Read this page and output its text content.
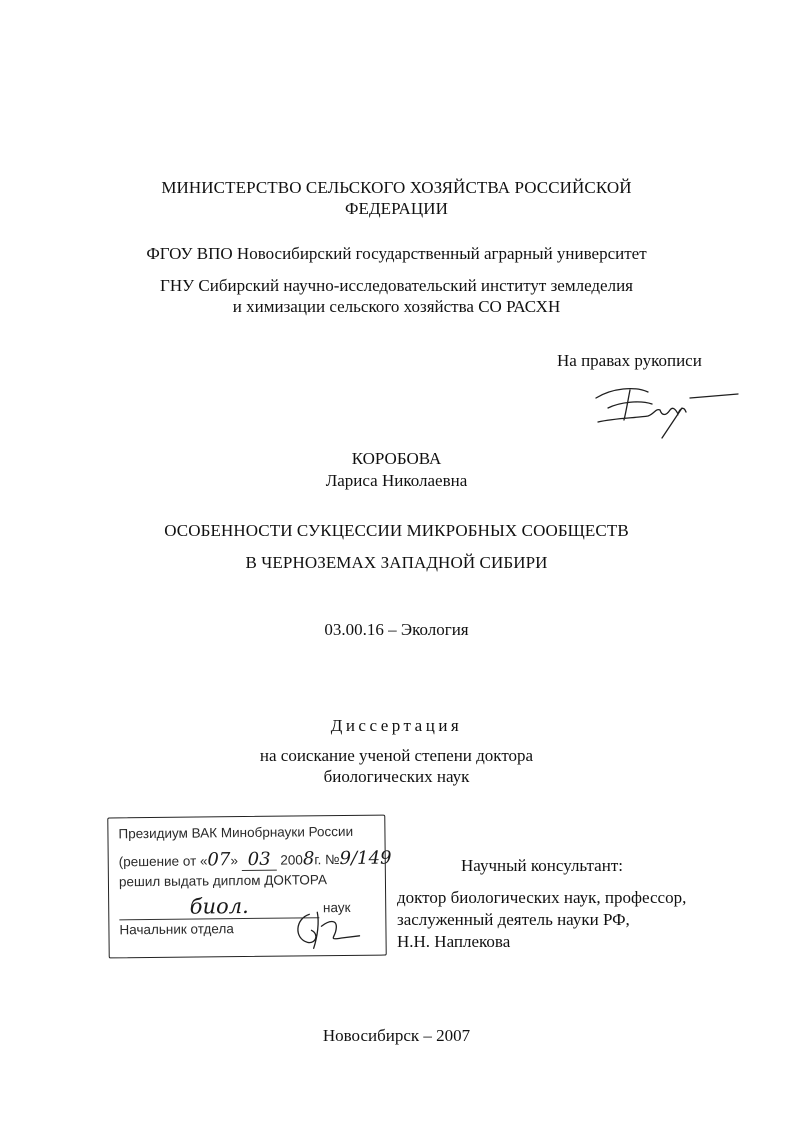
МИНИСТЕРСТВО СЕЛЬСКОГО ХОЗЯЙСТВА РОССИЙСКОЙ
ФЕДЕРАЦИИ
ФГОУ ВПО Новосибирский государственный аграрный университет
ГНУ Сибирский научно-исследовательский институт земледелия
и химизации сельского хозяйства СО РАСХН
На правах рукописи
КОРОБОВА
Лариса Николаевна
ОСОБЕННОСТИ СУКЦЕССИИ МИКРОБНЫХ СООБЩЕСТВ
В ЧЕРНОЗЕМАХ ЗАПАДНОЙ СИБИРИ
03.00.16 – Экология
Диссертация
на соискание ученой степени доктора
биологических наук
Президиум ВАК Минобрнауки России
(решение от «07» 03 2008г. №9/149
решил выдать диплом ДОКТОРА
биол.	наук
Начальник отдела
Научный консультант:
доктор биологических наук, профессор,
заслуженный деятель науки РФ,
Н.Н. Наплекова
Новосибирск – 2007
